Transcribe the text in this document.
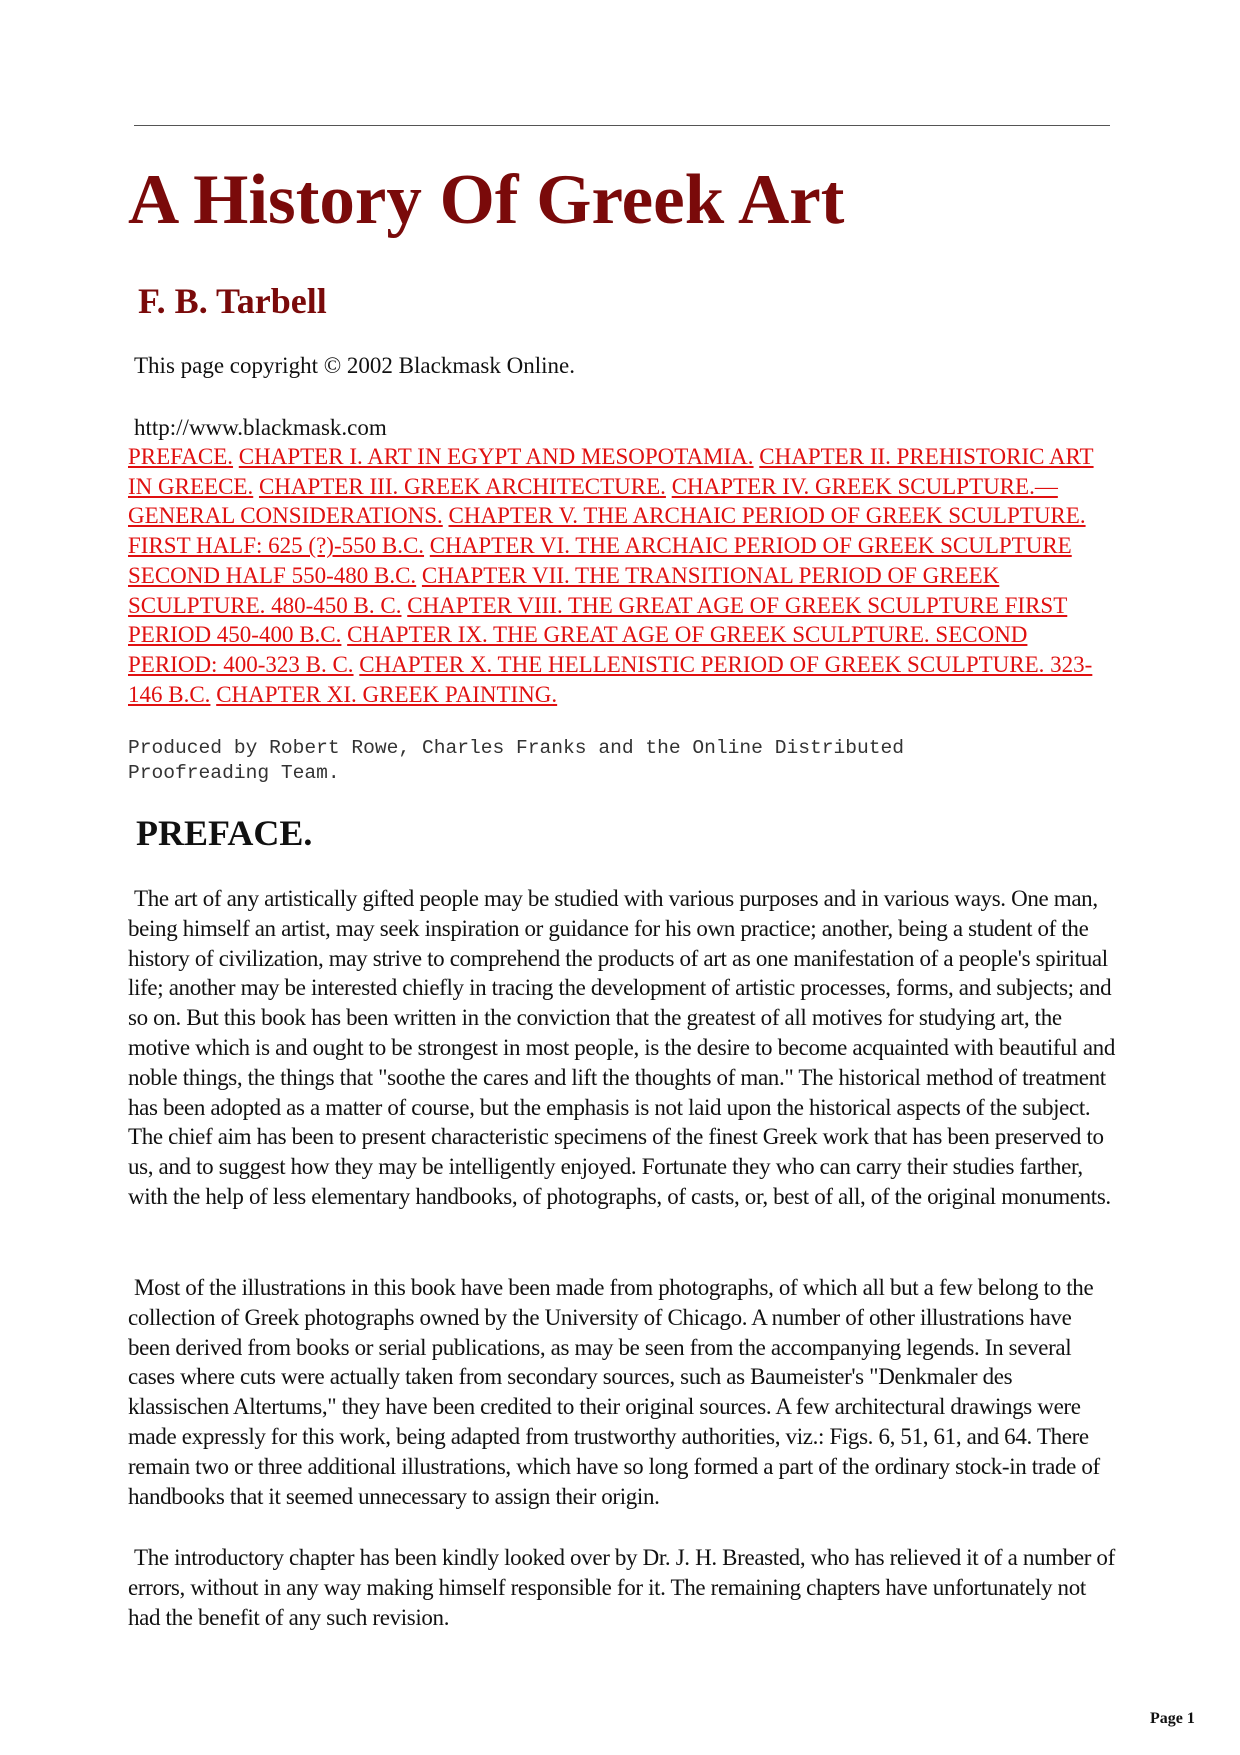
A History Of Greek Art
F. B. Tarbell
This page copyright © 2002 Blackmask Online.
http://www.blackmask.com
PREFACE. CHAPTER I. ART IN EGYPT AND MESOPOTAMIA. CHAPTER II. PREHISTORIC ART IN GREECE. CHAPTER III. GREEK ARCHITECTURE. CHAPTER IV. GREEK SCULPTURE.—GENERAL CONSIDERATIONS. CHAPTER V. THE ARCHAIC PERIOD OF GREEK SCULPTURE. FIRST HALF: 625 (?)-550 B.C. CHAPTER VI. THE ARCHAIC PERIOD OF GREEK SCULPTURE SECOND HALF 550-480 B.C. CHAPTER VII. THE TRANSITIONAL PERIOD OF GREEK SCULPTURE. 480-450 B. C. CHAPTER VIII. THE GREAT AGE OF GREEK SCULPTURE FIRST PERIOD 450-400 B.C. CHAPTER IX. THE GREAT AGE OF GREEK SCULPTURE. SECOND PERIOD: 400-323 B. C. CHAPTER X. THE HELLENISTIC PERIOD OF GREEK SCULPTURE. 323-146 B.C. CHAPTER XI. GREEK PAINTING.
Produced by Robert Rowe, Charles Franks and the Online Distributed
Proofreading Team.
PREFACE.

The art of any artistically gifted people may be studied with various purposes and in various ways. One man, being himself an artist, may seek inspiration or guidance for his own practice; another, being a student of the history of civilization, may strive to comprehend the products of art as one manifestation of a people's spiritual life; another may be interested chiefly in tracing the development of artistic processes, forms, and subjects; and so on. But this book has been written in the conviction that the greatest of all motives for studying art, the motive which is and ought to be strongest in most people, is the desire to become acquainted with beautiful and noble things, the things that "soothe the cares and lift the thoughts of man." The historical method of treatment has been adopted as a matter of course, but the emphasis is not laid upon the historical aspects of the subject. The chief aim has been to present characteristic specimens of the finest Greek work that has been preserved to us, and to suggest how they may be intelligently enjoyed. Fortunate they who can carry their studies farther, with the help of less elementary handbooks, of photographs, of casts, or, best of all, of the original monuments.

Most of the illustrations in this book have been made from photographs, of which all but a few belong to the collection of Greek photographs owned by the University of Chicago. A number of other illustrations have been derived from books or serial publications, as may be seen from the accompanying legends. In several cases where cuts were actually taken from secondary sources, such as Baumeister's "Denkmaler des klassischen Altertums," they have been credited to their original sources. A few architectural drawings were made expressly for this work, being adapted from trustworthy authorities, viz.: Figs. 6, 51, 61, and 64. There remain two or three additional illustrations, which have so long formed a part of the ordinary stock-in trade of handbooks that it seemed unnecessary to assign their origin.

The introductory chapter has been kindly looked over by Dr. J. H. Breasted, who has relieved it of a number of errors, without in any way making himself responsible for it. The remaining chapters have unfortunately not had the benefit of any such revision.

Page 1
